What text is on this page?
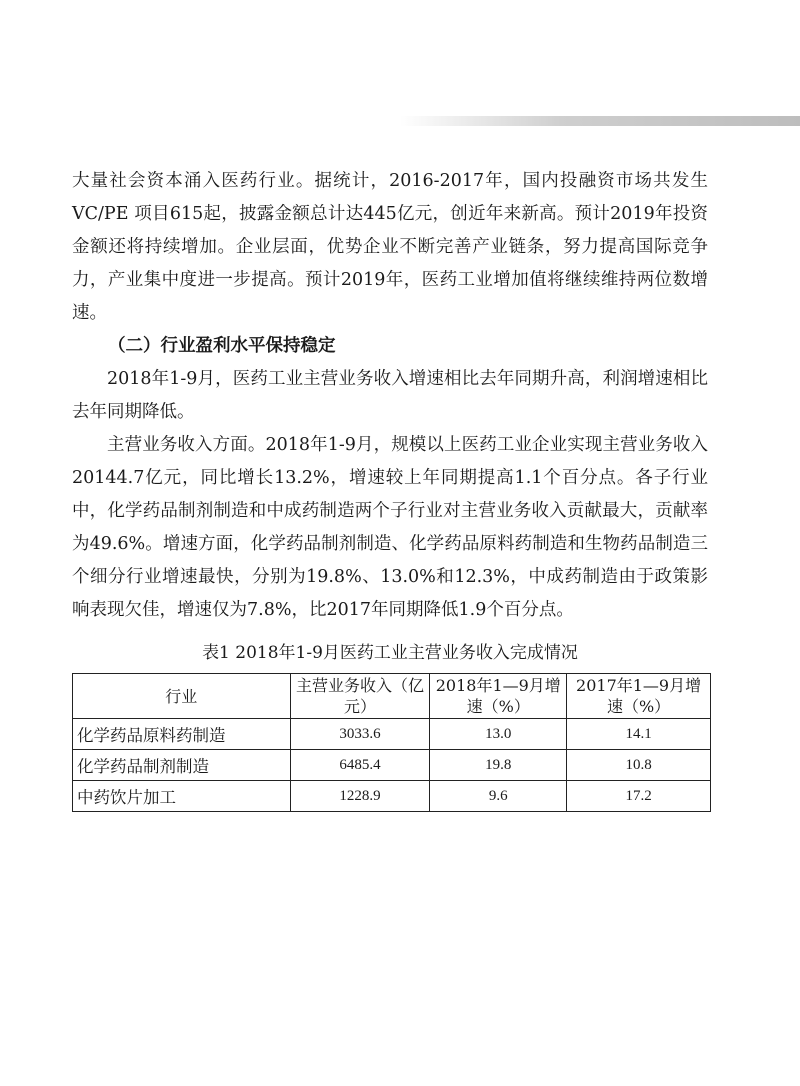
大量社会资本涌入医药行业。据统计，2016-2017年，国内投融资市场共发生VC/PE 项目615起，披露金额总计达445亿元，创近年来新高。预计2019年投资金额还将持续增加。企业层面，优势企业不断完善产业链条，努力提高国际竞争力，产业集中度进一步提高。预计2019年，医药工业增加值将继续维持两位数增速。

（二）行业盈利水平保持稳定

2018年1-9月，医药工业主营业务收入增速相比去年同期升高，利润增速相比去年同期降低。

主营业务收入方面。2018年1-9月，规模以上医药工业企业实现主营业务收入20144.7亿元，同比增长13.2%，增速较上年同期提高1.1个百分点。各子行业中，化学药品制剂制造和中成药制造两个子行业对主营业务收入贡献最大，贡献率为49.6%。增速方面，化学药品制剂制造、化学药品原料药制造和生物药品制造三个细分行业增速最快，分别为19.8%、13.0%和12.3%，中成药制造由于政策影响表现欠佳，增速仅为7.8%，比2017年同期降低1.9个百分点。

表1 2018年1-9月医药工业主营业务收入完成情况
行业	主营业务收入（亿元）	2018年1—9月增速（%）	2017年1—9月增速（%）
化学药品原料药制造	3033.6	13.0	14.1
化学药品制剂制造	6485.4	19.8	10.8
中药饮片加工	1228.9	9.6	17.2
